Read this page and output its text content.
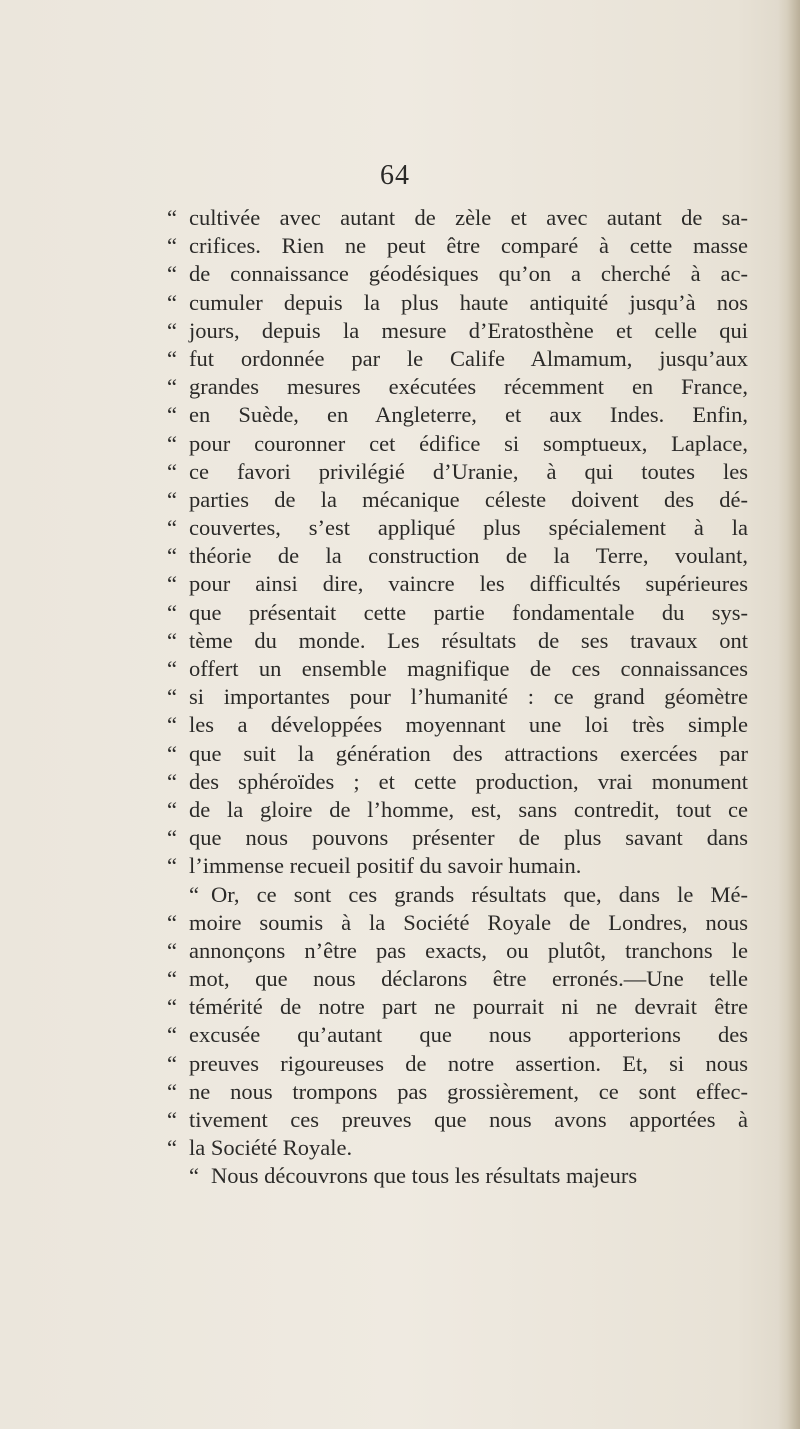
64
“ cultivée avec autant de zèle et avec autant de sa-
“ crifices. Rien ne peut être comparé à cette masse
“ de connaissance géodésiques qu’on a cherché à ac-
“ cumuler depuis la plus haute antiquité jusqu’à nos
“ jours, depuis la mesure d’Eratosthène et celle qui
“ fut ordonnée par le Calife Almamum, jusqu’aux
“ grandes mesures exécutées récemment en France,
“ en Suède, en Angleterre, et aux Indes. Enfin,
“ pour couronner cet édifice si somptueux, Laplace,
“ ce favori privilégié d’Uranie, à qui toutes les
“ parties de la mécanique céleste doivent des dé-
“ couvertes, s’est appliqué plus spécialement à la
“ théorie de la construction de la Terre, voulant,
“ pour ainsi dire, vaincre les difficultés supérieures
“ que présentait cette partie fondamentale du sys-
“ tème du monde. Les résultats de ses travaux ont
“ offert un ensemble magnifique de ces connaissances
“ si importantes pour l’humanité : ce grand géomètre
“ les a développées moyennant une loi très simple
“ que suit la génération des attractions exercées par
“ des sphéroïdes ; et cette production, vrai monument
“ de la gloire de l’homme, est, sans contredit, tout ce
“ que nous pouvons présenter de plus savant dans
“ l’immense recueil positif du savoir humain.
“ Or, ce sont ces grands résultats que, dans le Mé-
“ moire soumis à la Société Royale de Londres, nous
“ annonçons n’être pas exacts, ou plutôt, tranchons le
“ mot, que nous déclarons être erronés.—Une telle
“ témérité de notre part ne pourrait ni ne devrait être
“ excusée qu’autant que nous apporterions des
“ preuves rigoureuses de notre assertion. Et, si nous
“ ne nous trompons pas grossièrement, ce sont effec-
“ tivement ces preuves que nous avons apportées à
“ la Société Royale.
“ Nous découvrons que tous les résultats majeurs
